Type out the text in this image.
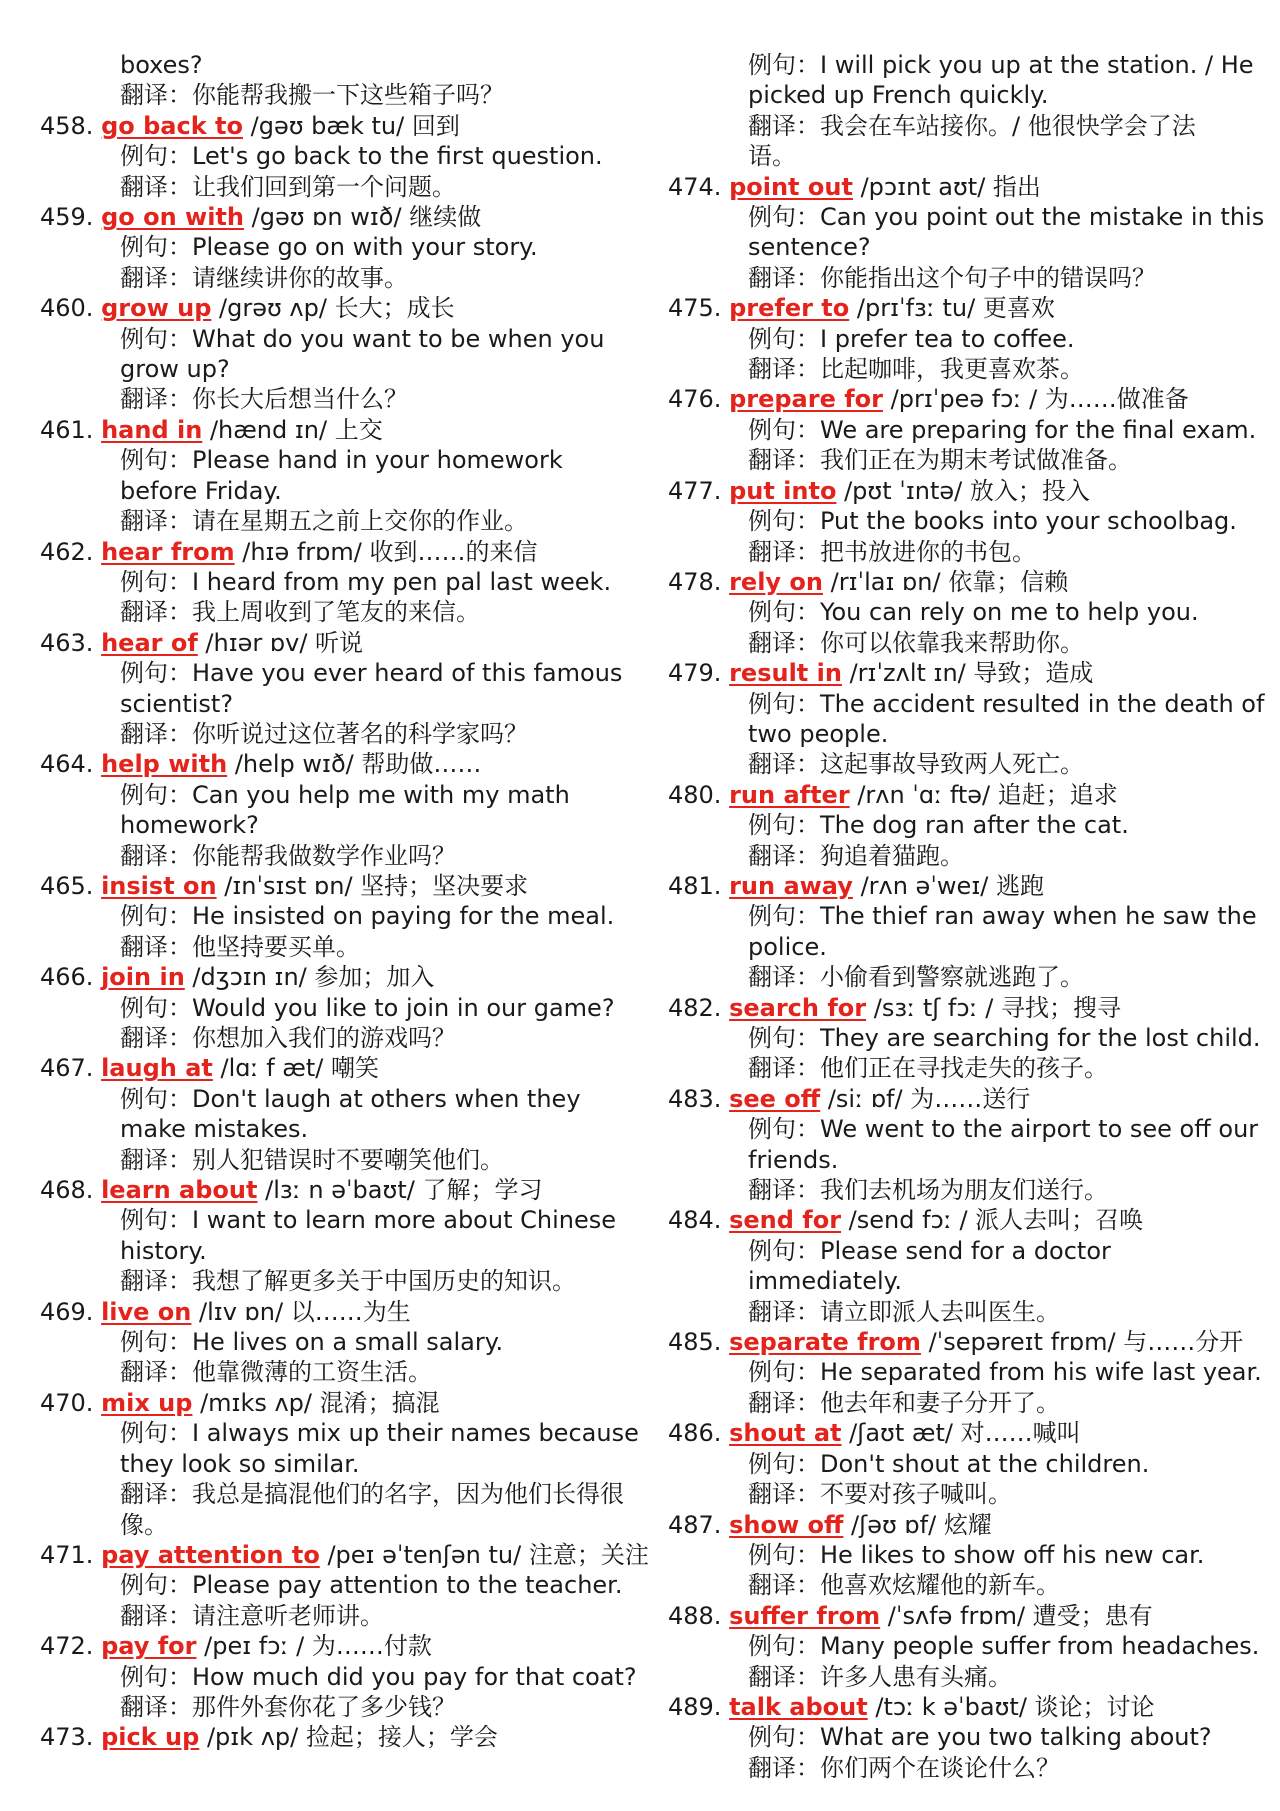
boxes?
翻译：你能帮我搬一下这些箱子吗？
458. go back to /gəʊ bæk tu/ 回到
例句：Let's go back to the first question.
翻译：让我们回到第一个问题。
459. go on with /gəʊ ɒn wɪð/ 继续做
例句：Please go on with your story.
翻译：请继续讲你的故事。
460. grow up /grəʊ ʌp/ 长大；成长
例句：What do you want to be when you grow up?
翻译：你长大后想当什么？
461. hand in /hænd ɪn/ 上交
例句：Please hand in your homework before Friday.
翻译：请在星期五之前上交你的作业。
462. hear from /hɪə frɒm/ 收到……的来信
例句：I heard from my pen pal last week.
翻译：我上周收到了笔友的来信。
463. hear of /hɪər ɒv/ 听说
例句：Have you ever heard of this famous scientist?
翻译：你听说过这位著名的科学家吗？
464. help with /help wɪð/ 帮助做……
例句：Can you help me with my math homework?
翻译：你能帮我做数学作业吗？
465. insist on /ɪnˈsɪst ɒn/ 坚持；坚决要求
例句：He insisted on paying for the meal.
翻译：他坚持要买单。
466. join in /dʒɔɪn ɪn/ 参加；加入
例句：Would you like to join in our game?
翻译：你想加入我们的游戏吗？
467. laugh at /lɑː f æt/ 嘲笑
例句：Don't laugh at others when they make mistakes.
翻译：别人犯错误时不要嘲笑他们。
468. learn about /lɜː n əˈbaʊt/ 了解；学习
例句：I want to learn more about Chinese history.
翻译：我想了解更多关于中国历史的知识。
469. live on /lɪv ɒn/ 以……为生
例句：He lives on a small salary.
翻译：他靠微薄的工资生活。
470. mix up /mɪks ʌp/ 混淆；搞混
例句：I always mix up their names because they look so similar.
翻译：我总是搞混他们的名字，因为他们长得很像。
471. pay attention to /peɪ əˈtenʃən tu/ 注意；关注
例句：Please pay attention to the teacher.
翻译：请注意听老师讲。
472. pay for /peɪ fɔː / 为……付款
例句：How much did you pay for that coat?
翻译：那件外套你花了多少钱？
473. pick up /pɪk ʌp/ 捡起；接人；学会
例句：I will pick you up at the station. / He
picked up French quickly.
翻译：我会在车站接你。/ 他很快学会了法
语。
474. point out /pɔɪnt aʊt/ 指出
例句：Can you point out the mistake in this sentence?
翻译：你能指出这个句子中的错误吗？
475. prefer to /prɪˈfɜː tu/ 更喜欢
例句：I prefer tea to coffee.
翻译：比起咖啡，我更喜欢茶。
476. prepare for /prɪˈpeə fɔː / 为……做准备
例句：We are preparing for the final exam.
翻译：我们正在为期末考试做准备。
477. put into /pʊt ˈɪntə/ 放入；投入
例句：Put the books into your schoolbag.
翻译：把书放进你的书包。
478. rely on /rɪˈlaɪ ɒn/ 依靠；信赖
例句：You can rely on me to help you.
翻译：你可以依靠我来帮助你。
479. result in /rɪˈzʌlt ɪn/ 导致；造成
例句：The accident resulted in the death of two people.
翻译：这起事故导致两人死亡。
480. run after /rʌn ˈɑː ftə/ 追赶；追求
例句：The dog ran after the cat.
翻译：狗追着猫跑。
481. run away /rʌn əˈweɪ/ 逃跑
例句：The thief ran away when he saw the police.
翻译：小偷看到警察就逃跑了。
482. search for /sɜː tʃ fɔː / 寻找；搜寻
例句：They are searching for the lost child.
翻译：他们正在寻找走失的孩子。
483. see off /siː ɒf/ 为……送行
例句：We went to the airport to see off our friends.
翻译：我们去机场为朋友们送行。
484. send for /send fɔː / 派人去叫；召唤
例句：Please send for a doctor immediately.
翻译：请立即派人去叫医生。
485. separate from /ˈsepəreɪt frɒm/ 与……分开
例句：He separated from his wife last year.
翻译：他去年和妻子分开了。
486. shout at /ʃaʊt æt/ 对……喊叫
例句：Don't shout at the children.
翻译：不要对孩子喊叫。
487. show off /ʃəʊ ɒf/ 炫耀
例句：He likes to show off his new car.
翻译：他喜欢炫耀他的新车。
488. suffer from /ˈsʌfə frɒm/ 遭受；患有
例句：Many people suffer from headaches.
翻译：许多人患有头痛。
489. talk about /tɔː k əˈbaʊt/ 谈论；讨论
例句：What are you two talking about?
翻译：你们两个在谈论什么？
